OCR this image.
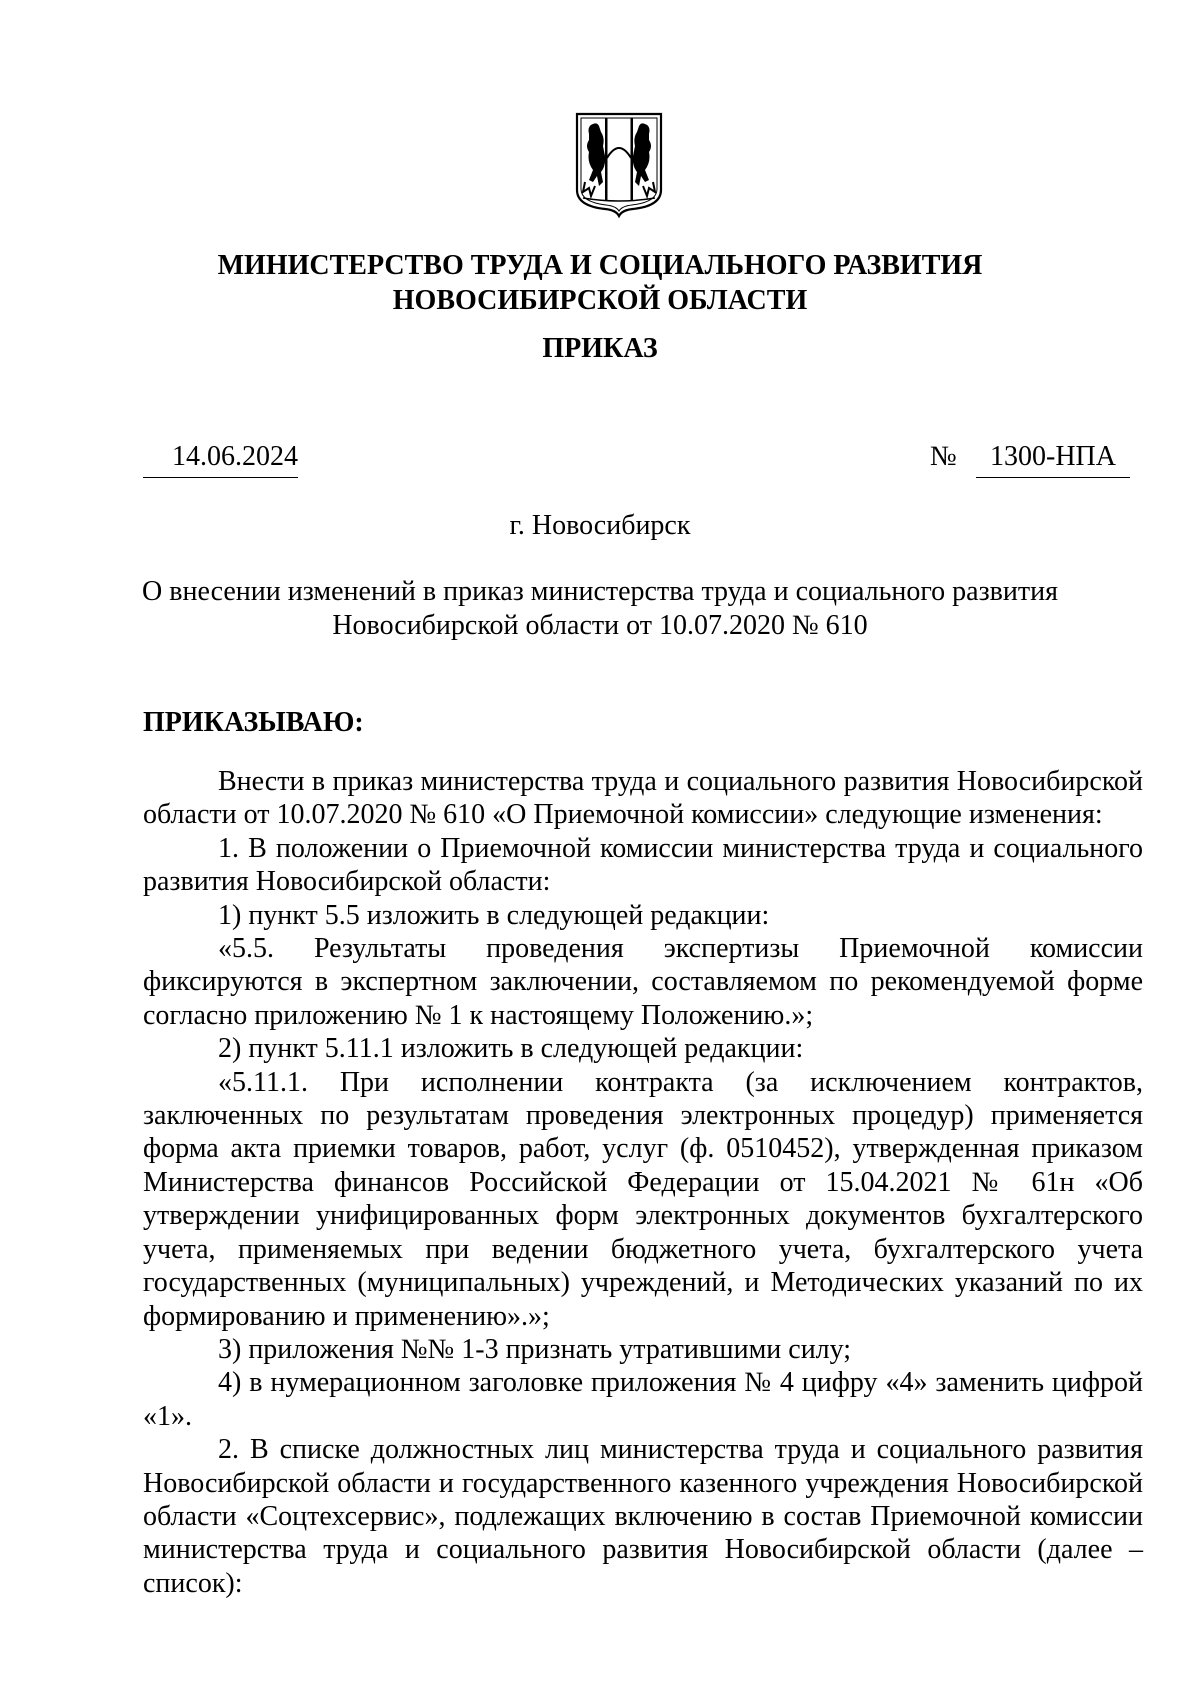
МИНИСТЕРСТВО ТРУДА И СОЦИАЛЬНОГО РАЗВИТИЯ
НОВОСИБИРСКОЙ ОБЛАСТИ
ПРИКАЗ
14.06.2024	№	1300-НПА
г. Новосибирск
О внесении изменений в приказ министерства труда и социального развития
Новосибирской области от 10.07.2020 № 610
ПРИКАЗЫВАЮ:

Внести в приказ министерства труда и социального развития Новосибирской области от 10.07.2020 № 610 «О Приемочной комиссии» следующие изменения:

1. В положении о Приемочной комиссии министерства труда и социального развития Новосибирской области:

1) пункт 5.5 изложить в следующей редакции:

«5.5. Результаты проведения экспертизы Приемочной комиссии фиксируются в экспертном заключении, составляемом по рекомендуемой форме согласно приложению № 1 к настоящему Положению.»;

2) пункт 5.11.1 изложить в следующей редакции:

«5.11.1. При исполнении контракта (за исключением контрактов, заключенных по результатам проведения электронных процедур) применяется форма акта приемки товаров, работ, услуг (ф. 0510452), утвержденная приказом Министерства финансов Российской Федерации от 15.04.2021 № 61н «Об утверждении унифицированных форм электронных документов бухгалтерского учета, применяемых при ведении бюджетного учета, бухгалтерского учета государственных (муниципальных) учреждений, и Методических указаний по их формированию и применению».»;

3) приложения №№ 1-3 признать утратившими силу;

4) в нумерационном заголовке приложения № 4 цифру «4» заменить цифрой «1».

2. В списке должностных лиц министерства труда и социального развития Новосибирской области и государственного казенного учреждения Новосибирской области «Соцтехсервис», подлежащих включению в состав Приемочной комиссии министерства труда и социального развития Новосибирской области (далее – список):
